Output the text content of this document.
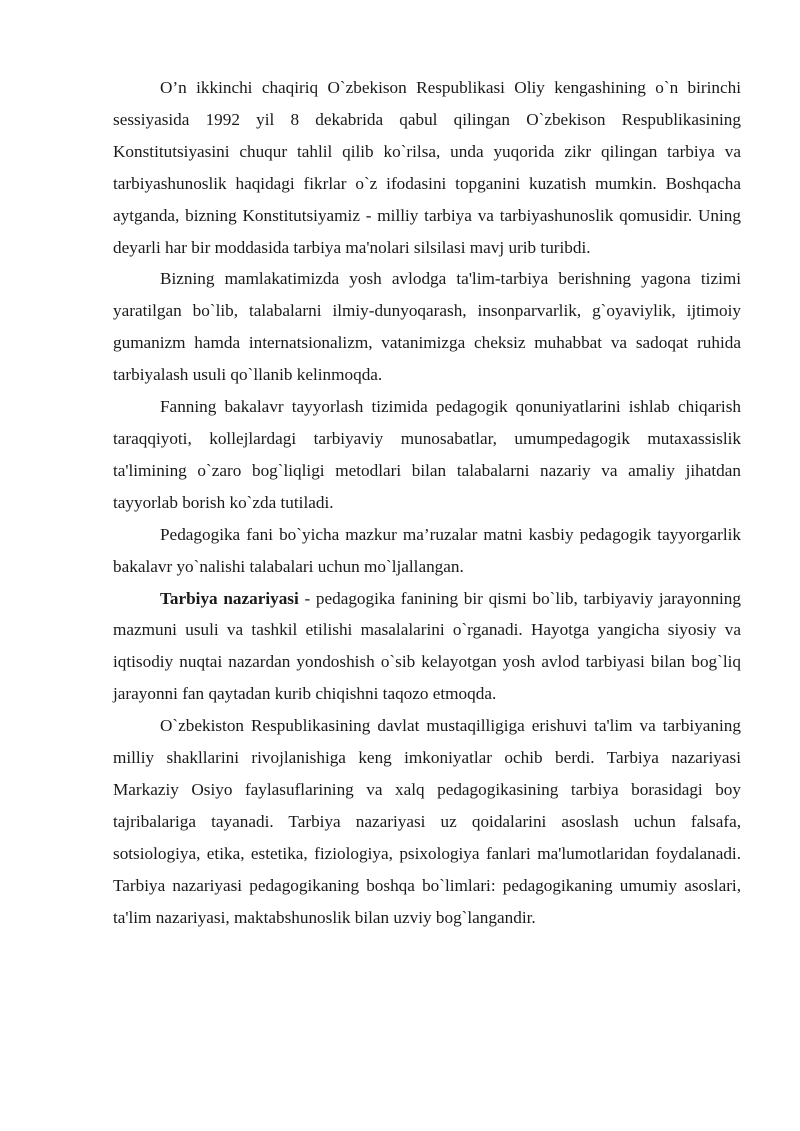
O’n ikkinchi chaqiriq O`zbekison Respublikasi Oliy kengashining o`n birinchi sessiyasida 1992 yil 8 dekabrida qabul qilingan O`zbekison Respublikasining Konstitutsiyasini chuqur tahlil qilib ko`rilsa, unda yuqorida zikr qilingan tarbiya va tarbiyashunoslik haqidagi fikrlar o`z ifodasini topganini kuzatish mumkin. Boshqacha aytganda, bizning Konstitutsiyamiz - milliy tarbiya va tarbiyashunoslik qomusidir. Uning deyarli har bir moddasida tarbiya ma'nolari silsilasi mavj urib turibdi.

Bizning mamlakatimizda yosh avlodga ta'lim-tarbiya berishning yagona tizimi yaratilgan bo`lib, talabalarni ilmiy-dunyoqarash, insonparvarlik, g`oyaviylik, ijtimoiy gumanizm hamda internatsionalizm, vatanimizga cheksiz muhabbat va sadoqat ruhida tarbiyalash usuli qo`llanib kelinmoqda.

Fanning bakalavr tayyorlash tizimida pedagogik qonuniyatlarini ishlab chiqarish taraqqiyoti, kollejlardagi tarbiyaviy munosabatlar, umumpedagogik mutaxassislik ta'limining o`zaro bog`liqligi metodlari bilan talabalarni nazariy va amaliy jihatdan tayyorlab borish ko`zda tutiladi.

Pedagogika fani bo`yicha mazkur ma’ruzalar matni kasbiy pedagogik tayyorgarlik bakalavr yo`nalishi talabalari uchun mo`ljallangan.

Tarbiya nazariyasi - pedagogika fanining bir qismi bo`lib, tarbiyaviy jarayonning mazmuni usuli va tashkil etilishi masalalarini o`rganadi. Hayotga yangicha siyosiy va iqtisodiy nuqtai nazardan yondoshish o`sib kelayotgan yosh avlod tarbiyasi bilan bog`liq jarayonni fan qaytadan kurib chiqishni taqozo etmoqda.

O`zbekiston Respublikasining davlat mustaqilligiga erishuvi ta'lim va tarbiyaning milliy shakllarini rivojlanishiga keng imkoniyatlar ochib berdi. Tarbiya nazariyasi Markaziy Osiyo faylasuflarining va xalq pedagogikasining tarbiya borasidagi boy tajribalariga tayanadi. Tarbiya nazariyasi uz qoidalarini asoslash uchun falsafa, sotsiologiya, etika, estetika, fiziologiya, psixologiya fanlari ma'lumotlaridan foydalanadi. Tarbiya nazariyasi pedagogikaning boshqa bo`limlari: pedagogikaning umumiy asoslari, ta'lim nazariyasi, maktabshunoslik bilan uzviy bog`langandir.
